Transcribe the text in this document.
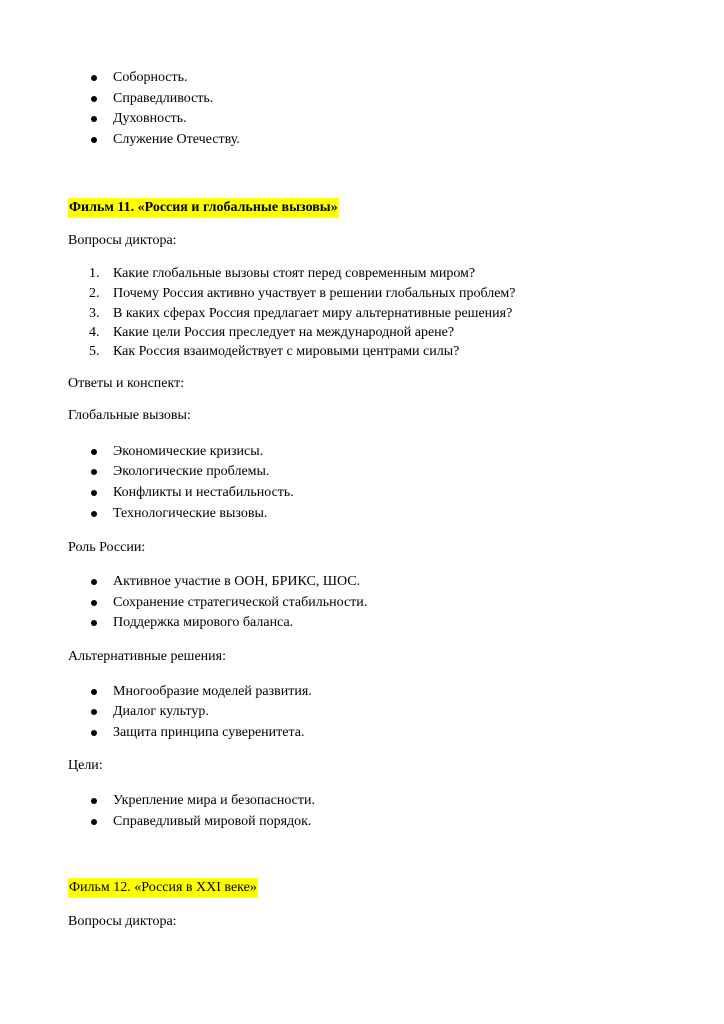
Соборность.
Справедливость.
Духовность.
Служение Отечеству.
Фильм 11. «Россия и глобальные вызовы»
Вопросы диктора:
1. Какие глобальные вызовы стоят перед современным миром?
2. Почему Россия активно участвует в решении глобальных проблем?
3. В каких сферах Россия предлагает миру альтернативные решения?
4. Какие цели Россия преследует на международной арене?
5. Как Россия взаимодействует с мировыми центрами силы?
Ответы и конспект:
Глобальные вызовы:
Экономические кризисы.
Экологические проблемы.
Конфликты и нестабильность.
Технологические вызовы.
Роль России:
Активное участие в ООН, БРИКС, ШОС.
Сохранение стратегической стабильности.
Поддержка мирового баланса.
Альтернативные решения:
Многообразие моделей развития.
Диалог культур.
Защита принципа суверенитета.
Цели:
Укрепление мира и безопасности.
Справедливый мировой порядок.
Фильм 12. «Россия в XXI веке»
Вопросы диктора:
